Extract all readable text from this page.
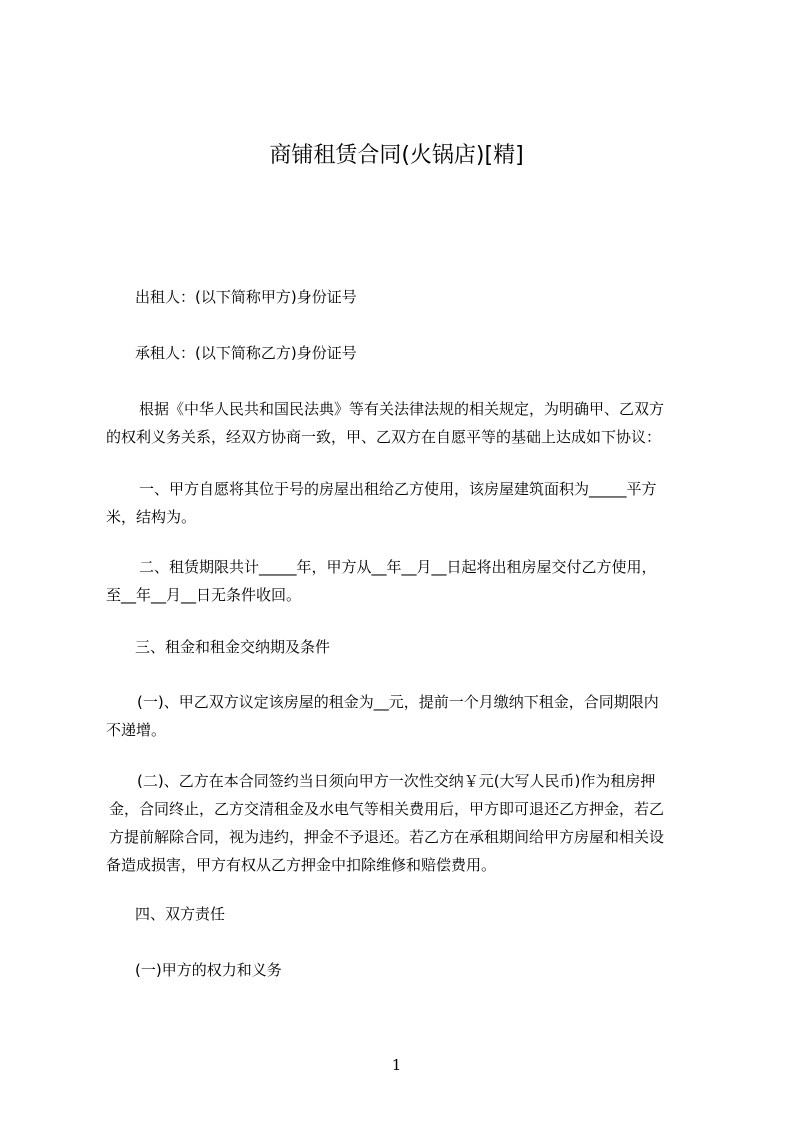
商铺租赁合同(火锅店)[精]
出租人：(以下简称甲方)身份证号
承租人：(以下简称乙方)身份证号
根据《中华人民共和国民法典》等有关法律法规的相关规定，为明确甲、乙双方
的权利义务关系，经双方协商一致，甲、乙双方在自愿平等的基础上达成如下协议：
一、甲方自愿将其位于号的房屋出租给乙方使用，该房屋建筑面积为_____平方
米，结构为。
二、租赁期限共计_____年，甲方从__年__月__日起将出租房屋交付乙方使用，
至__年__月__日无条件收回。
三、租金和租金交纳期及条件
(一)、甲乙双方议定该房屋的租金为__元，提前一个月缴纳下租金，合同期限内
不递增。
(二)、乙方在本合同签约当日须向甲方一次性交纳￥元(大写人民币)作为租房押
金，合同终止，乙方交清租金及水电气等相关费用后，甲方即可退还乙方押金，若乙
方提前解除合同，视为违约，押金不予退还。若乙方在承租期间给甲方房屋和相关设
备造成损害，甲方有权从乙方押金中扣除维修和赔偿费用。
四、双方责任
(一)甲方的权力和义务
1
